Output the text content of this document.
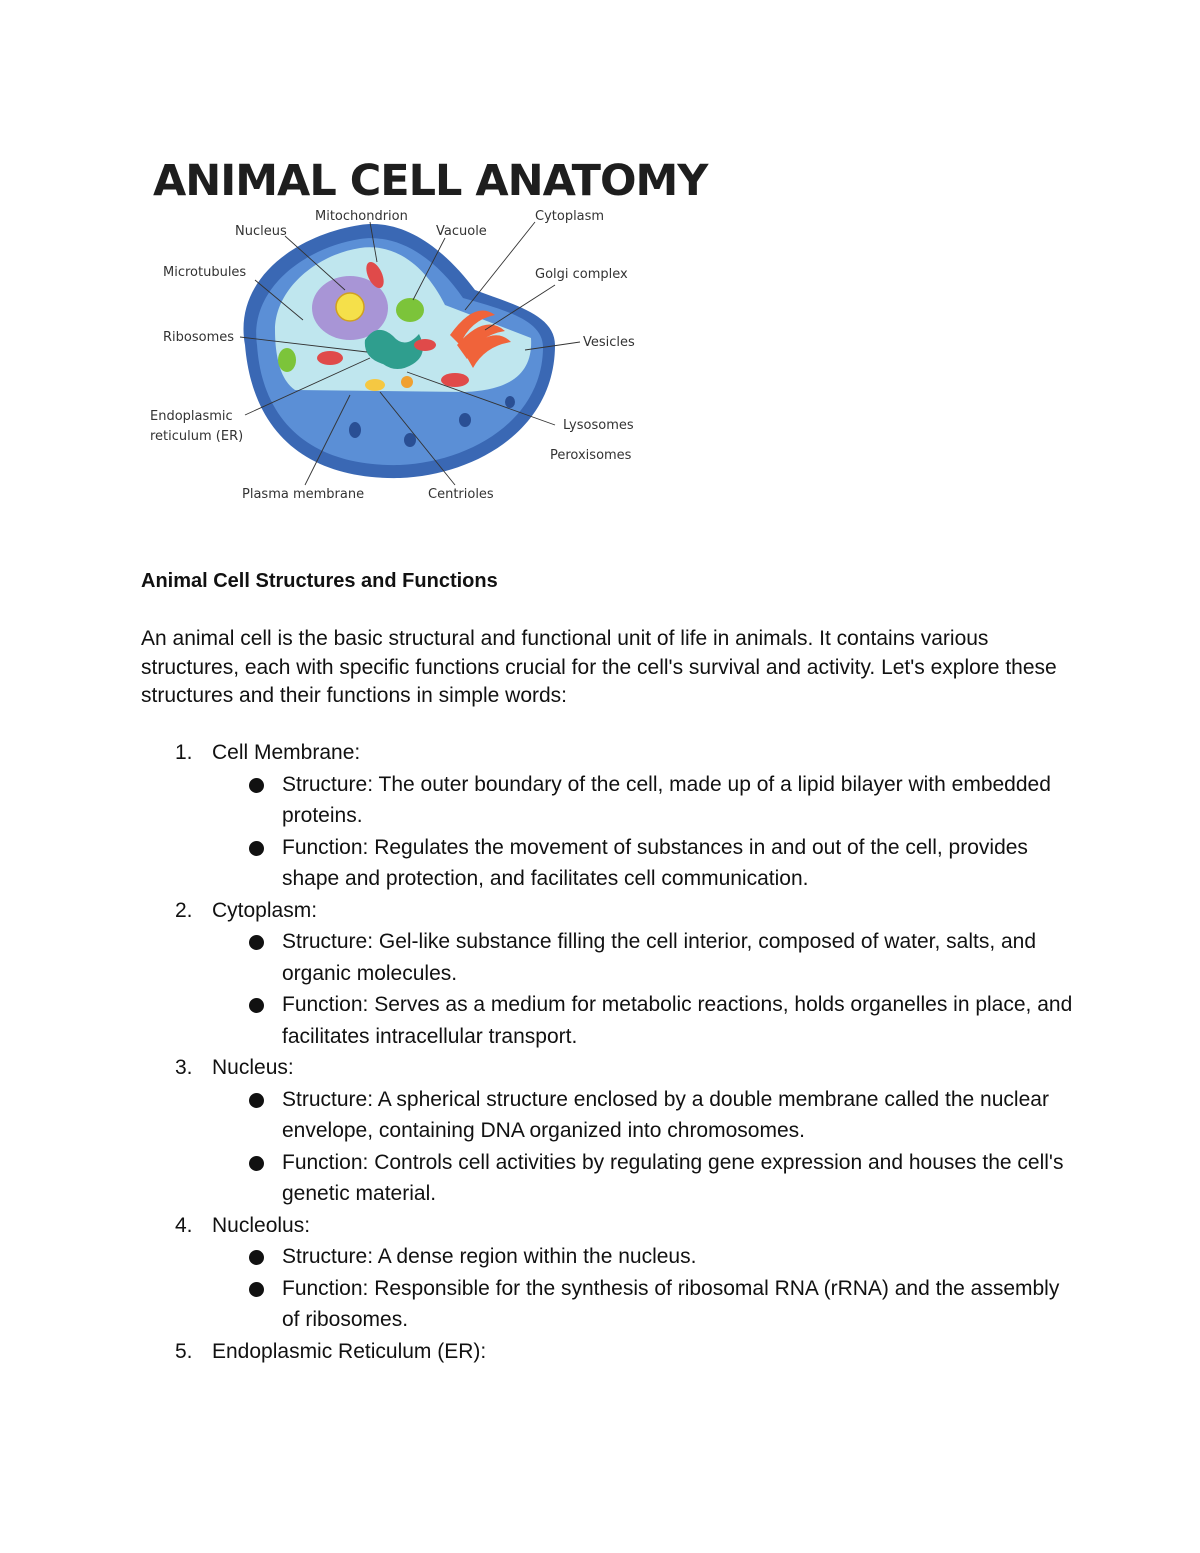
ANIMAL CELL ANATOMY
Nucleus
Mitochondrion
Vacuole
Cytoplasm
Microtubules	Golgi complex
Ribosomes	Vesicles
Endoplasmic
reticulum (ER)
Lysosomes
Peroxisomes
Plasma membrane	Centrioles
Animal Cell Structures and Functions

An animal cell is the basic structural and functional unit of life in animals. It contains various structures, each with specific functions crucial for the cell's survival and activity. Let's explore these structures and their functions in simple words:

1. Cell Membrane:
Structure: The outer boundary of the cell, made up of a lipid bilayer with embedded proteins.
Function: Regulates the movement of substances in and out of the cell, provides shape and protection, and facilitates cell communication.
2. Cytoplasm:
Structure: Gel-like substance filling the cell interior, composed of water, salts, and organic molecules.
Function: Serves as a medium for metabolic reactions, holds organelles in place, and facilitates intracellular transport.
3. Nucleus:
Structure: A spherical structure enclosed by a double membrane called the nuclear envelope, containing DNA organized into chromosomes.
Function: Controls cell activities by regulating gene expression and houses the cell's genetic material.
4. Nucleolus:
Structure: A dense region within the nucleus.
Function: Responsible for the synthesis of ribosomal RNA (rRNA) and the assembly of ribosomes.
5. Endoplasmic Reticulum (ER):
